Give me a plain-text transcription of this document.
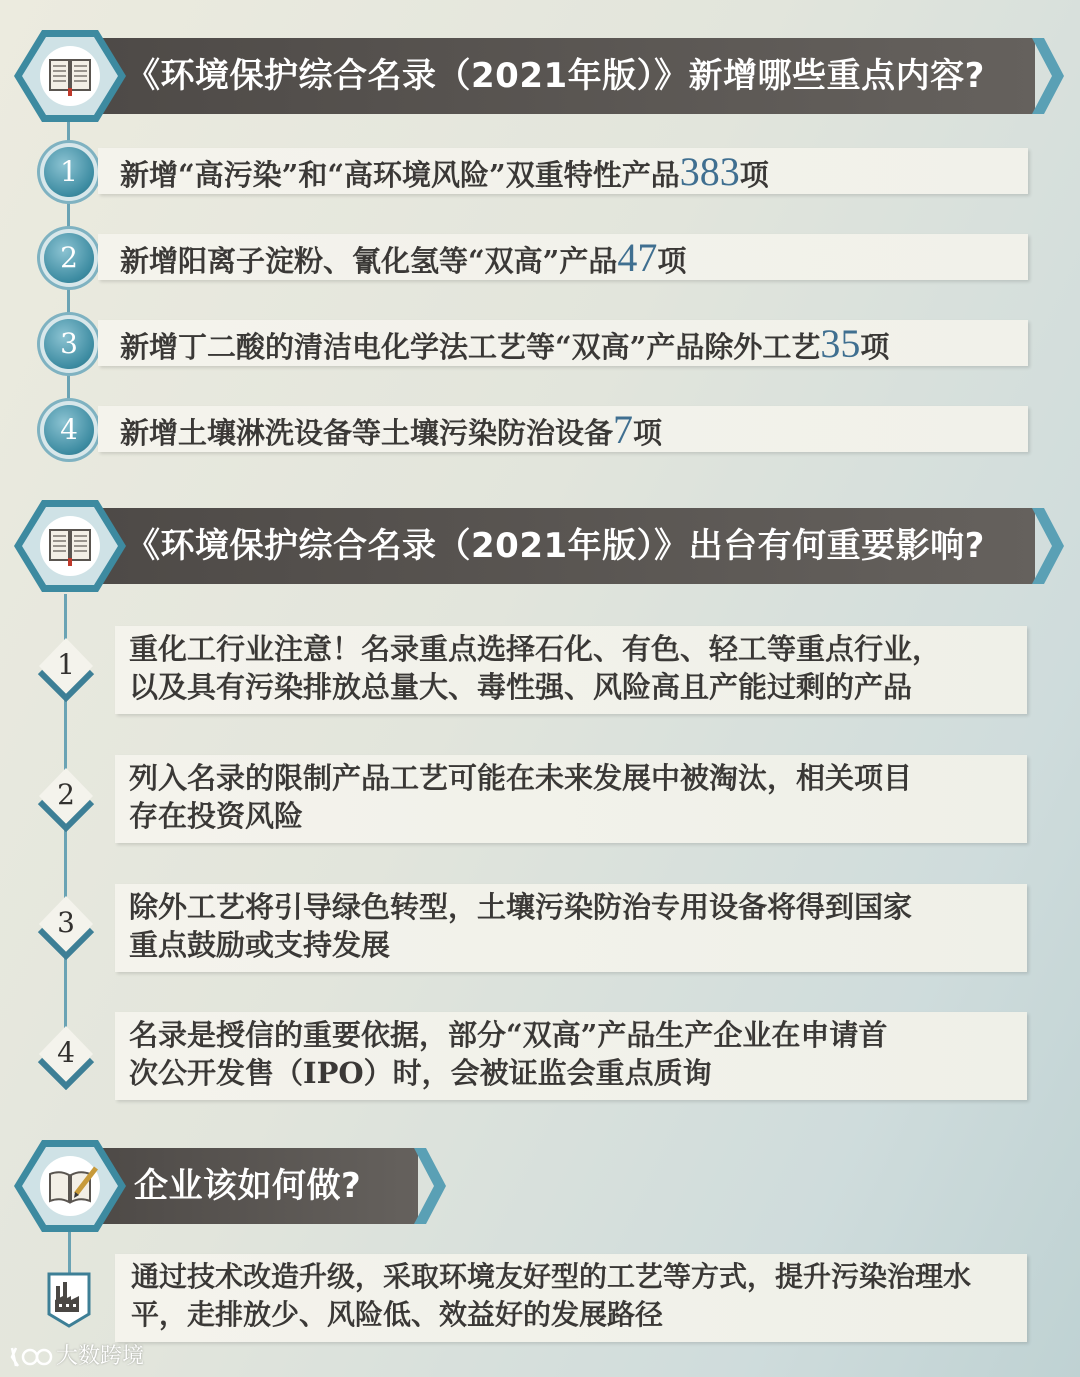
《环境保护综合名录（2021年版）》新增哪些重点内容?
1	新增“高污染”和“高环境风险”双重特性产品383项
2	新增阳离子淀粉、氰化氢等“双高”产品47项
3	新增丁二酸的清洁电化学法工艺等“双高”产品除外工艺35项
4	新增土壤淋洗设备等土壤污染防治设备7项
《环境保护综合名录（2021年版）》出台有何重要影响?
1	重化工行业注意！名录重点选择石化、有色、轻工等重点行业，
以及具有污染排放总量大、毒性强、风险高且产能过剩的产品
2	列入名录的限制产品工艺可能在未来发展中被淘汰，相关项目
存在投资风险
3	除外工艺将引导绿色转型，土壤污染防治专用设备将得到国家
重点鼓励或支持发展
4
名录是授信的重要依据，部分“双高”产品生产企业在申请首
次公开发售（IPO）时，会被证监会重点质询
企业该如何做?
通过技术改造升级，采取环境友好型的工艺等方式，提升污染治理水
平，走排放少、风险低、效益好的发展路径
大数跨境
